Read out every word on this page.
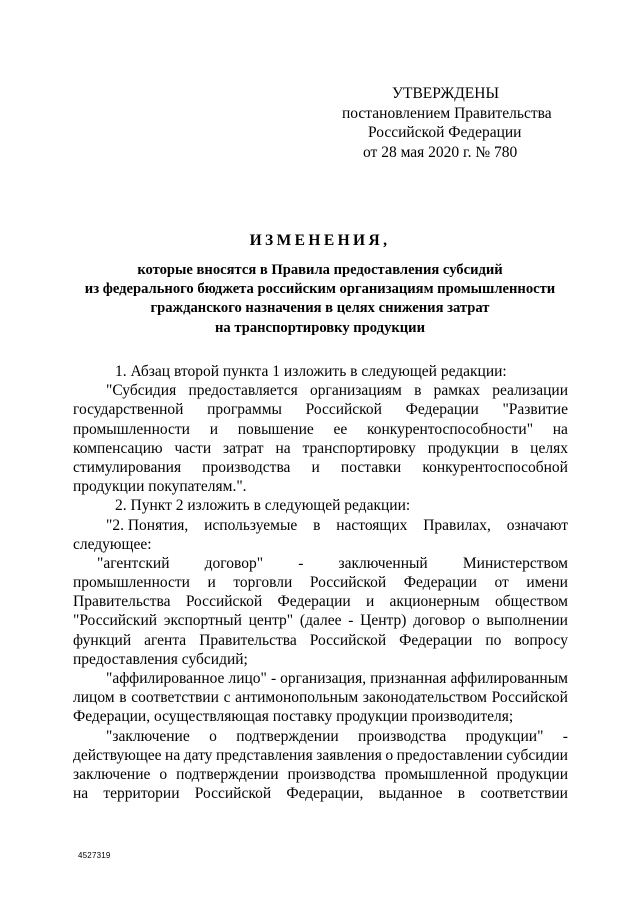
УТВЕРЖДЕНЫ
постановлением Правительства
Российской Федерации
от 28 мая 2020 г. № 780
ИЗМЕНЕНИЯ,
которые вносятся в Правила предоставления субсидий
из федерального бюджета российским организациям промышленности
гражданского назначения в целях снижения затрат
на транспортировку продукции
1. Абзац второй пункта 1 изложить в следующей редакции:
"Субсидия предоставляется организациям в рамках реализации
государственной программы Российской Федерации "Развитие
промышленности и повышение ее конкурентоспособности" на
компенсацию части затрат на транспортировку продукции в целях
стимулирования производства и поставки конкурентоспособной
продукции покупателям.".
2. Пункт 2 изложить в следующей редакции:
"2. Понятия, используемые в настоящих Правилах, означают
следующее:
"агентский договор" - заключенный Министерством
промышленности и торговли Российской Федерации от имени
Правительства Российской Федерации и акционерным обществом
"Российский экспортный центр" (далее - Центр) договор о выполнении
функций агента Правительства Российской Федерации по вопросу
предоставления субсидий;
"аффилированное лицо" - организация, признанная аффилированным
лицом в соответствии с антимонопольным законодательством Российской
Федерации, осуществляющая поставку продукции производителя;
"заключение о подтверждении производства продукции" -
действующее на дату представления заявления о предоставлении субсидии
заключение о подтверждении производства промышленной продукции
на территории Российской Федерации, выданное в соответствии
4527319
